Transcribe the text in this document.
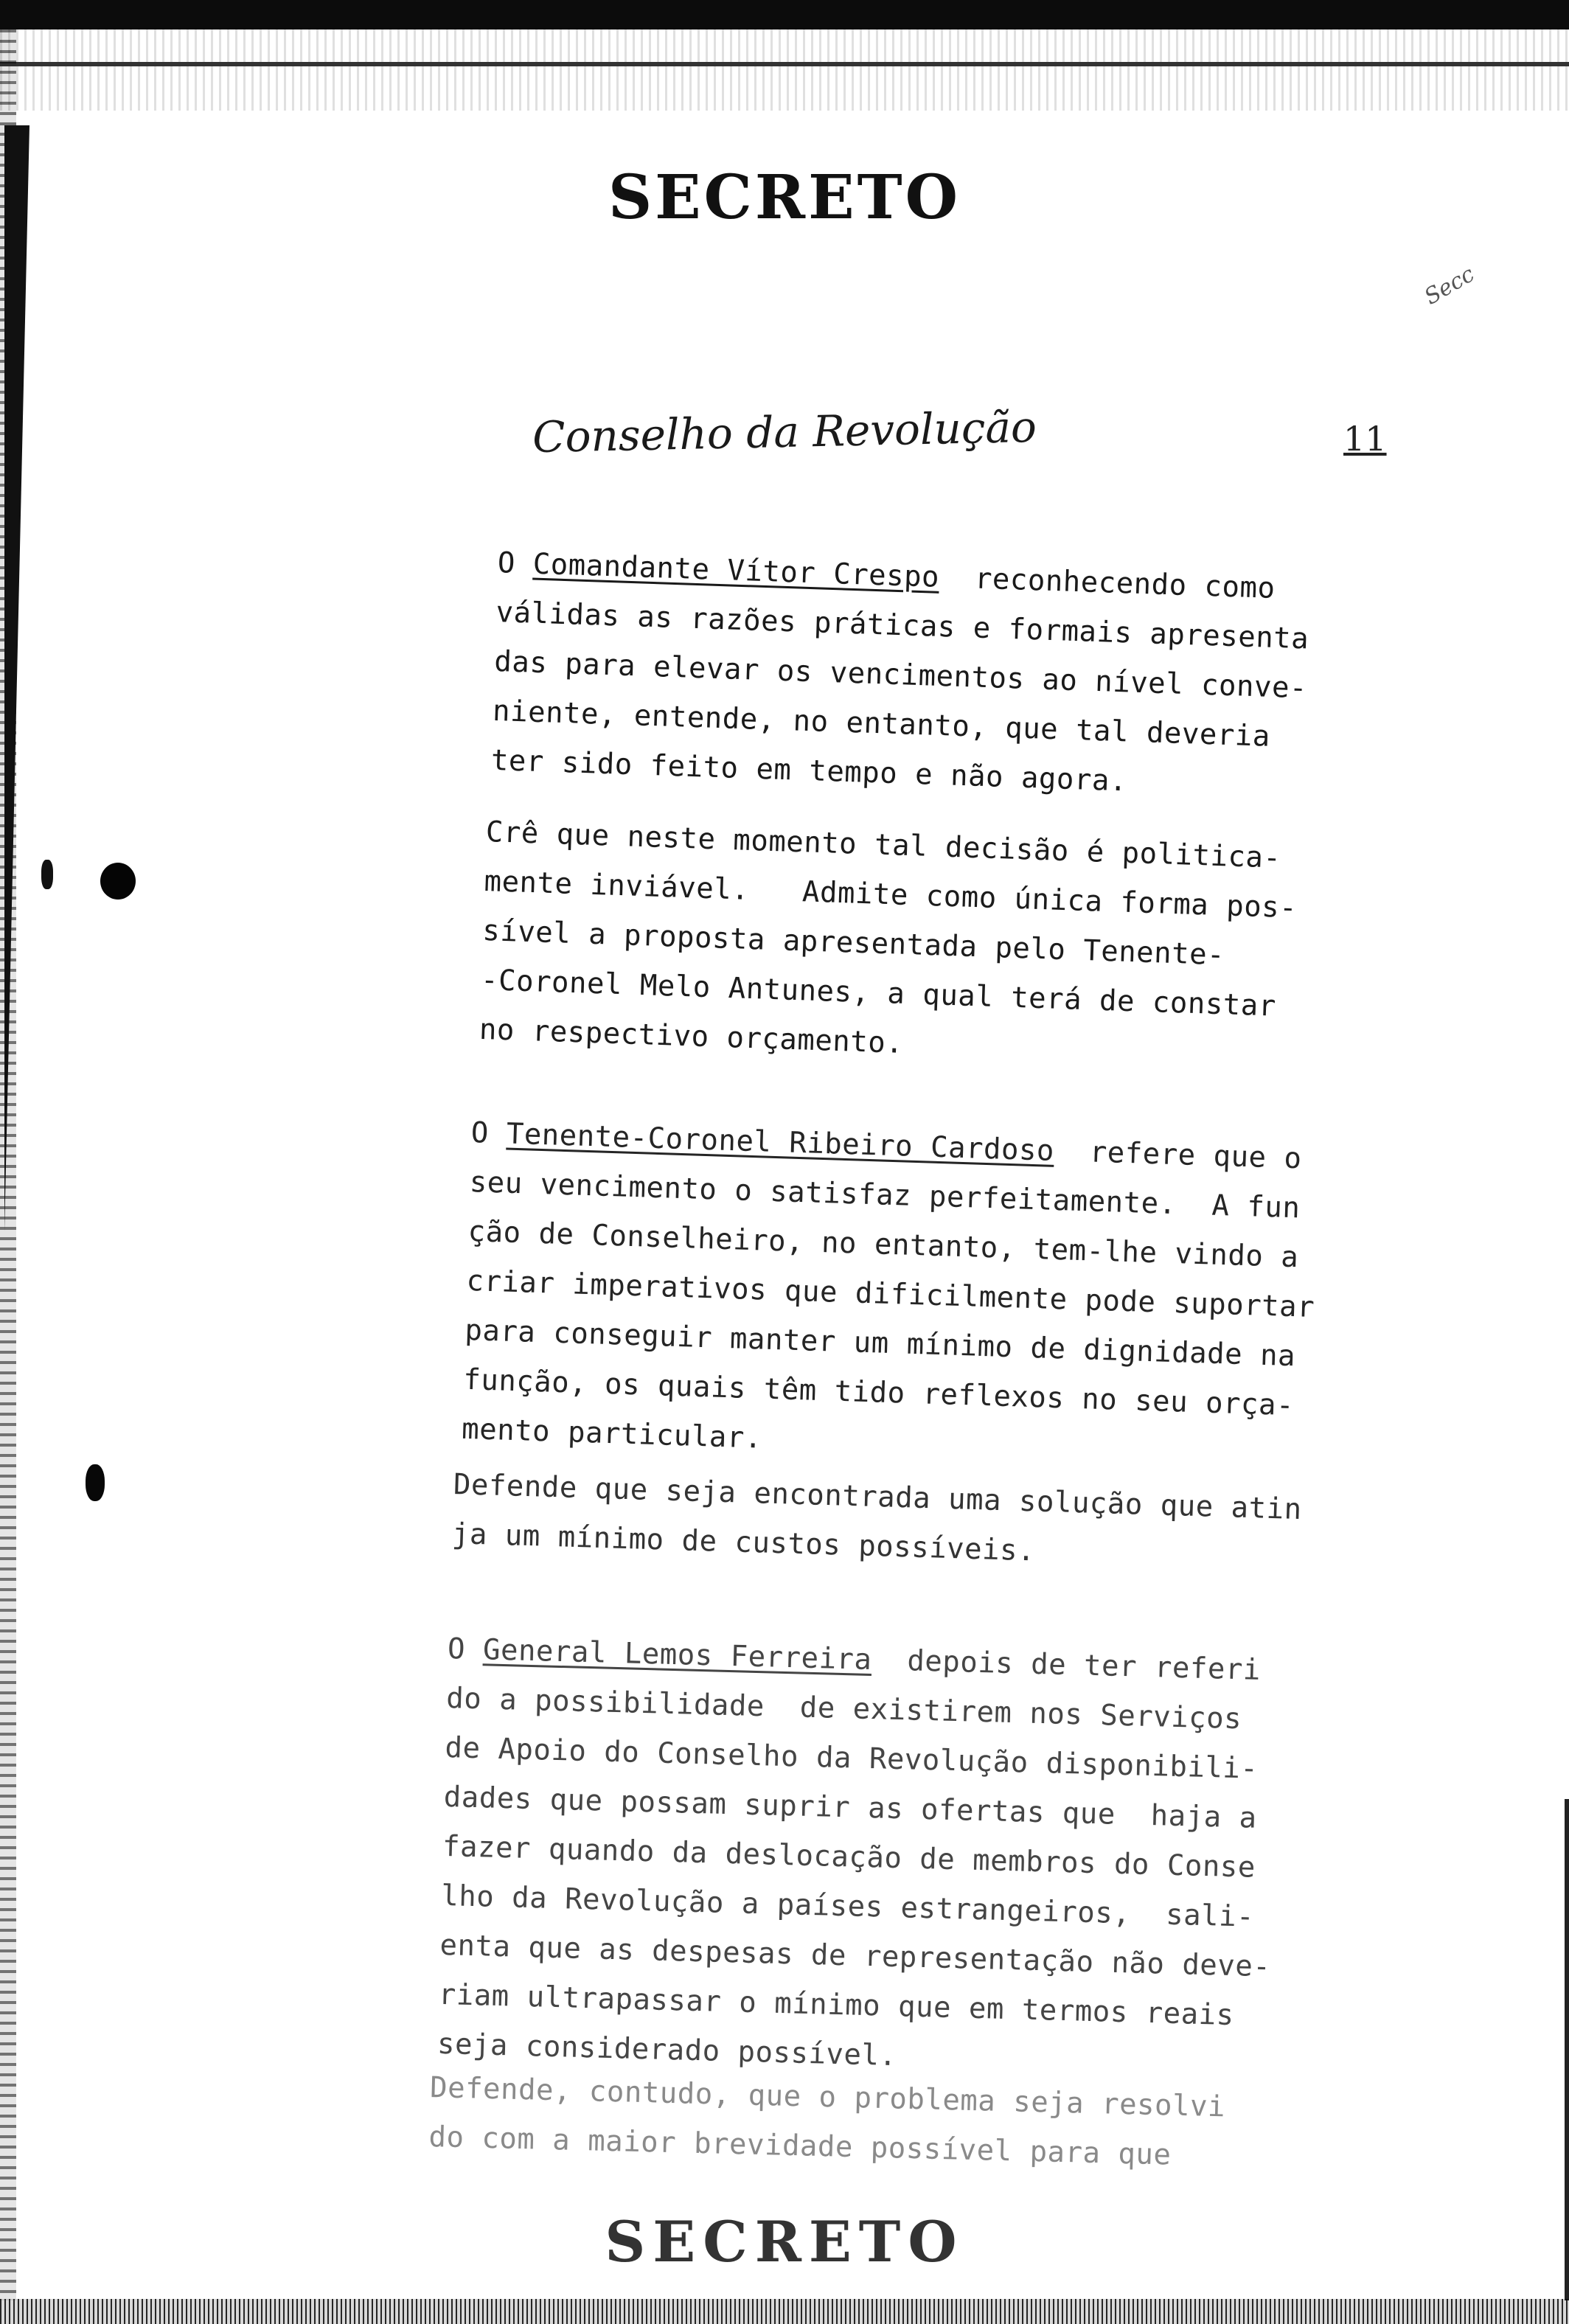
SECRETO
Secc
Conselho da Revolução	11

O Comandante Vítor Crespo  reconhecendo como
válidas as razões práticas e formais apresenta
das para elevar os vencimentos ao nível conve-
niente, entende, no entanto, que tal deveria
ter sido feito em tempo e não agora.

Crê que neste momento tal decisão é politica-
mente inviável.   Admite como única forma pos-
sível a proposta apresentada pelo Tenente-
-Coronel Melo Antunes, a qual terá de constar
no respectivo orçamento.

O Tenente-Coronel Ribeiro Cardoso  refere que o
seu vencimento o satisfaz perfeitamente.  A fun
ção de Conselheiro, no entanto, tem-lhe vindo a
criar imperativos que dificilmente pode suportar
para conseguir manter um mínimo de dignidade na
função, os quais têm tido reflexos no seu orça-
mento particular.

Defende que seja encontrada uma solução que atin
ja um mínimo de custos possíveis.

O General Lemos Ferreira  depois de ter referi
do a possibilidade  de existirem nos Serviços
de Apoio do Conselho da Revolução disponibili-
dades que possam suprir as ofertas que  haja a
fazer quando da deslocação de membros do Conse
lho da Revolução a países estrangeiros,  sali-
enta que as despesas de representação não deve-
riam ultrapassar o mínimo que em termos reais
seja considerado possível.

Defende, contudo, que o problema seja resolvi
do com a maior brevidade possível para que

SECRETO
